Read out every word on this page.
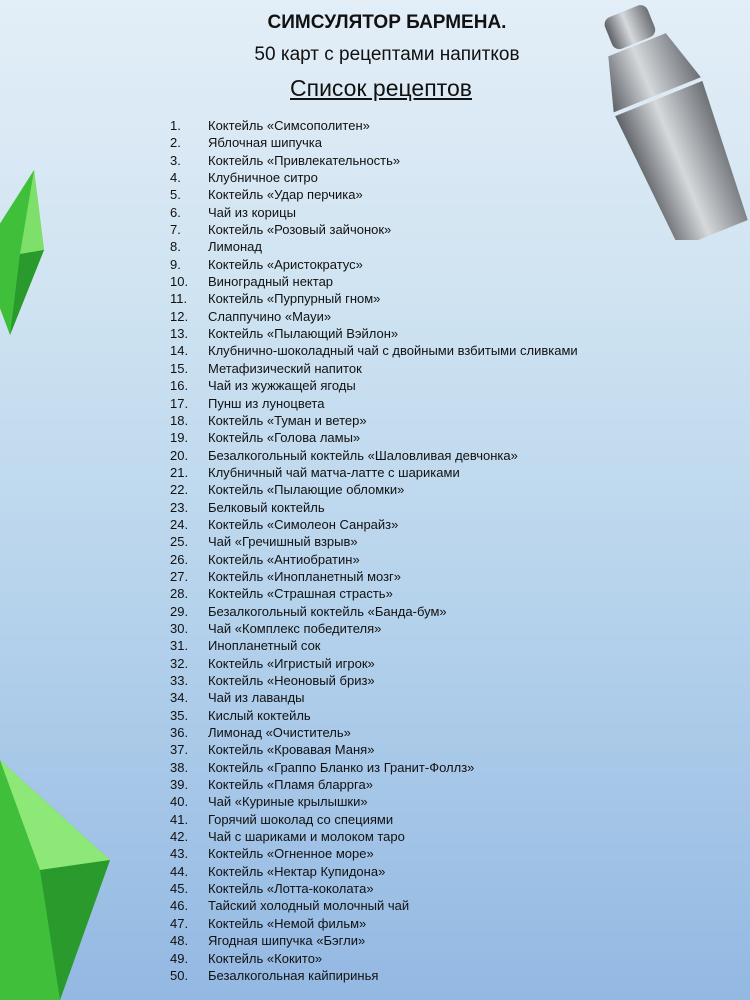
СИМСУЛЯТОР БАРМЕНА.
50 карт с рецептами напитков
Список рецептов
1. Коктейль «Симсополитен»
2. Яблочная шипучка
3. Коктейль «Привлекательность»
4. Клубничное ситро
5. Коктейль «Удар перчика»
6. Чай из корицы
7. Коктейль «Розовый зайчонок»
8. Лимонад
9. Коктейль «Аристократус»
10. Виноградный нектар
11. Коктейль «Пурпурный гном»
12. Слаппучино «Мауи»
13. Коктейль «Пылающий Вэйлон»
14. Клубнично-шоколадный чай с двойными взбитыми сливками
15. Метафизический напиток
16. Чай из жужжащей ягоды
17. Пунш из луноцвета
18. Коктейль «Туман и ветер»
19. Коктейль «Голова ламы»
20. Безалкогольный коктейль «Шаловливая девчонка»
21. Клубничный чай матча-латте с шариками
22. Коктейль «Пылающие обломки»
23. Белковый коктейль
24. Коктейль «Симолеон Санрайз»
25. Чай «Гречишный взрыв»
26. Коктейль «Антиобратин»
27. Коктейль «Инопланетный мозг»
28. Коктейль «Страшная страсть»
29. Безалкогольный коктейль «Банда-бум»
30. Чай «Комплекс победителя»
31. Инопланетный сок
32. Коктейль «Игристый игрок»
33. Коктейль «Неоновый бриз»
34. Чай из лаванды
35. Кислый коктейль
36. Лимонад «Очиститель»
37. Коктейль «Кровавая Маня»
38. Коктейль «Граппо Бланко из Гранит-Фоллз»
39. Коктейль «Пламя бларрга»
40. Чай «Куриные крылышки»
41. Горячий шоколад со специями
42. Чай с шариками и молоком таро
43. Коктейль «Огненное море»
44. Коктейль «Нектар Купидона»
45. Коктейль «Лотта-коколата»
46. Тайский холодный молочный чай
47. Коктейль «Немой фильм»
48. Ягодная шипучка «Бэгли»
49. Коктейль «Кокито»
50. Безалкогольная кайпиринья
